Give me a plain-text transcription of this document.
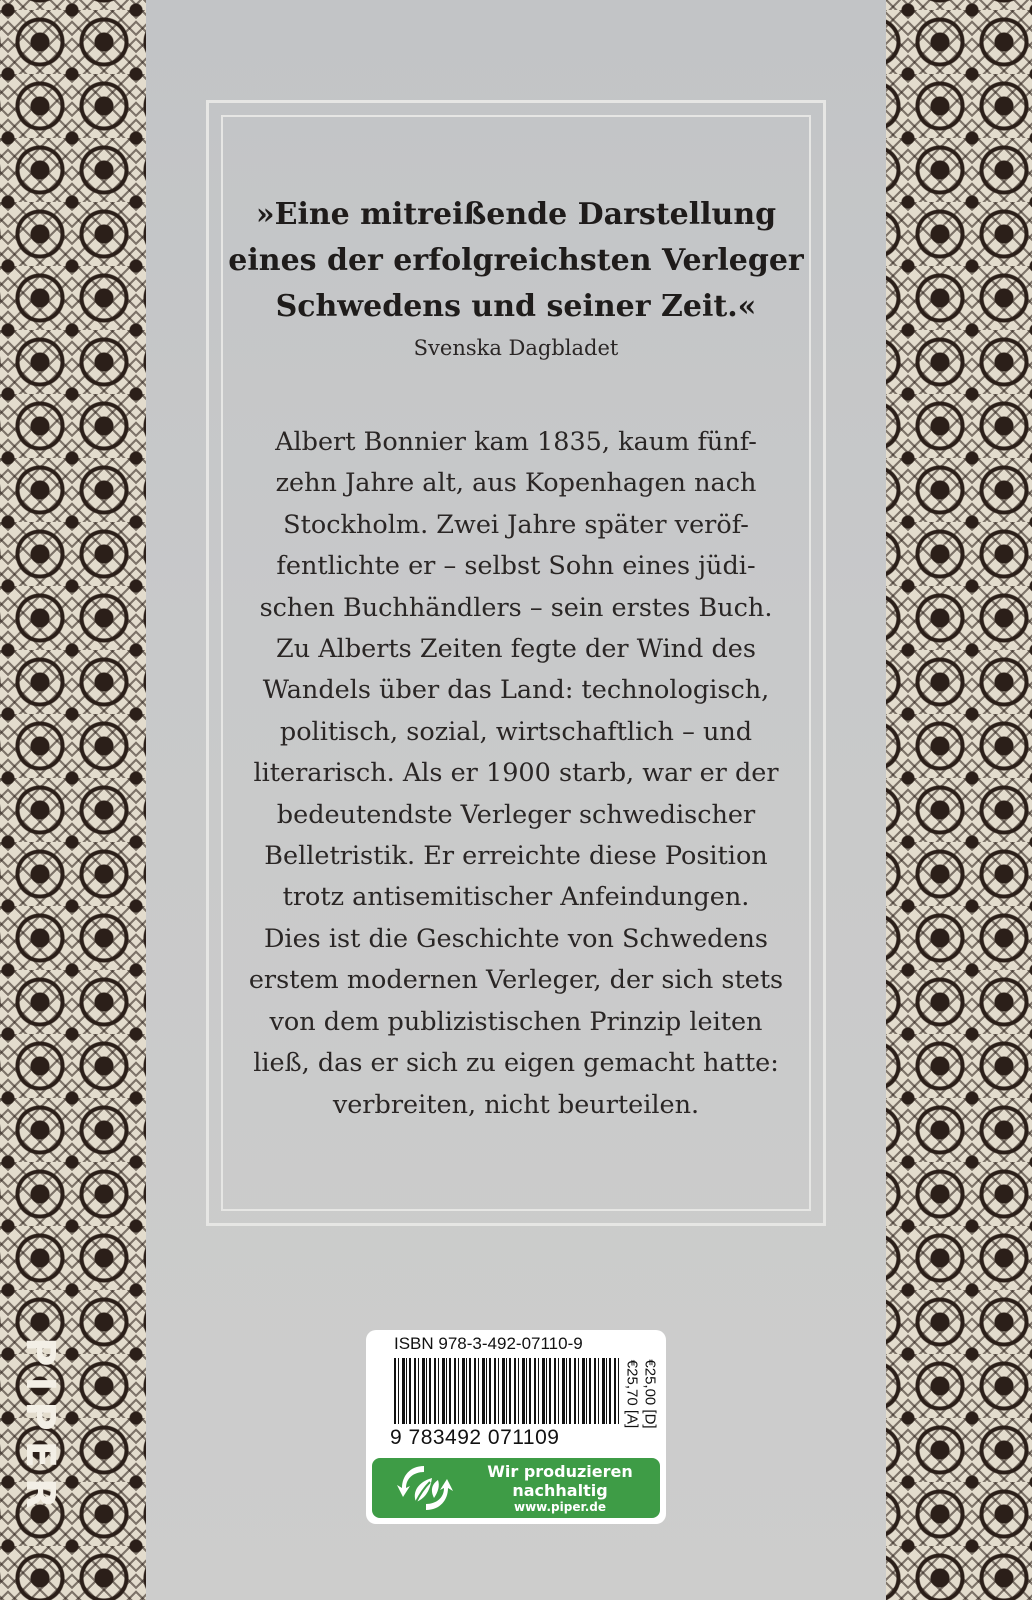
»Eine mitreißende Darstellung
eines der erfolgreichsten Verleger
Schwedens und seiner Zeit.«
Svenska Dagbladet
Albert Bonnier kam 1835, kaum fünf-
zehn Jahre alt, aus Kopenhagen nach
Stockholm. Zwei Jahre später veröf-
fentlichte er – selbst Sohn eines jüdi-
schen Buchhändlers – sein erstes Buch.
Zu Alberts Zeiten fegte der Wind des
Wandels über das Land: technologisch,
politisch, sozial, wirtschaftlich – und
literarisch. Als er 1900 starb, war er der
bedeutendste Verleger schwedischer
Belletristik. Er erreichte diese Position
trotz antisemitischer Anfeindungen.
Dies ist die Geschichte von Schwedens
erstem modernen Verleger, der sich stets
von dem publizistischen Prinzip leiten
ließ, das er sich zu eigen gemacht hatte:
verbreiten, nicht beurteilen.
PIPER	ISBN 978-3-492-07110-9
9 783492 071109
€25,00 [D]
€25,70 [A]
Wir produzieren
nachhaltig
www.piper.de
